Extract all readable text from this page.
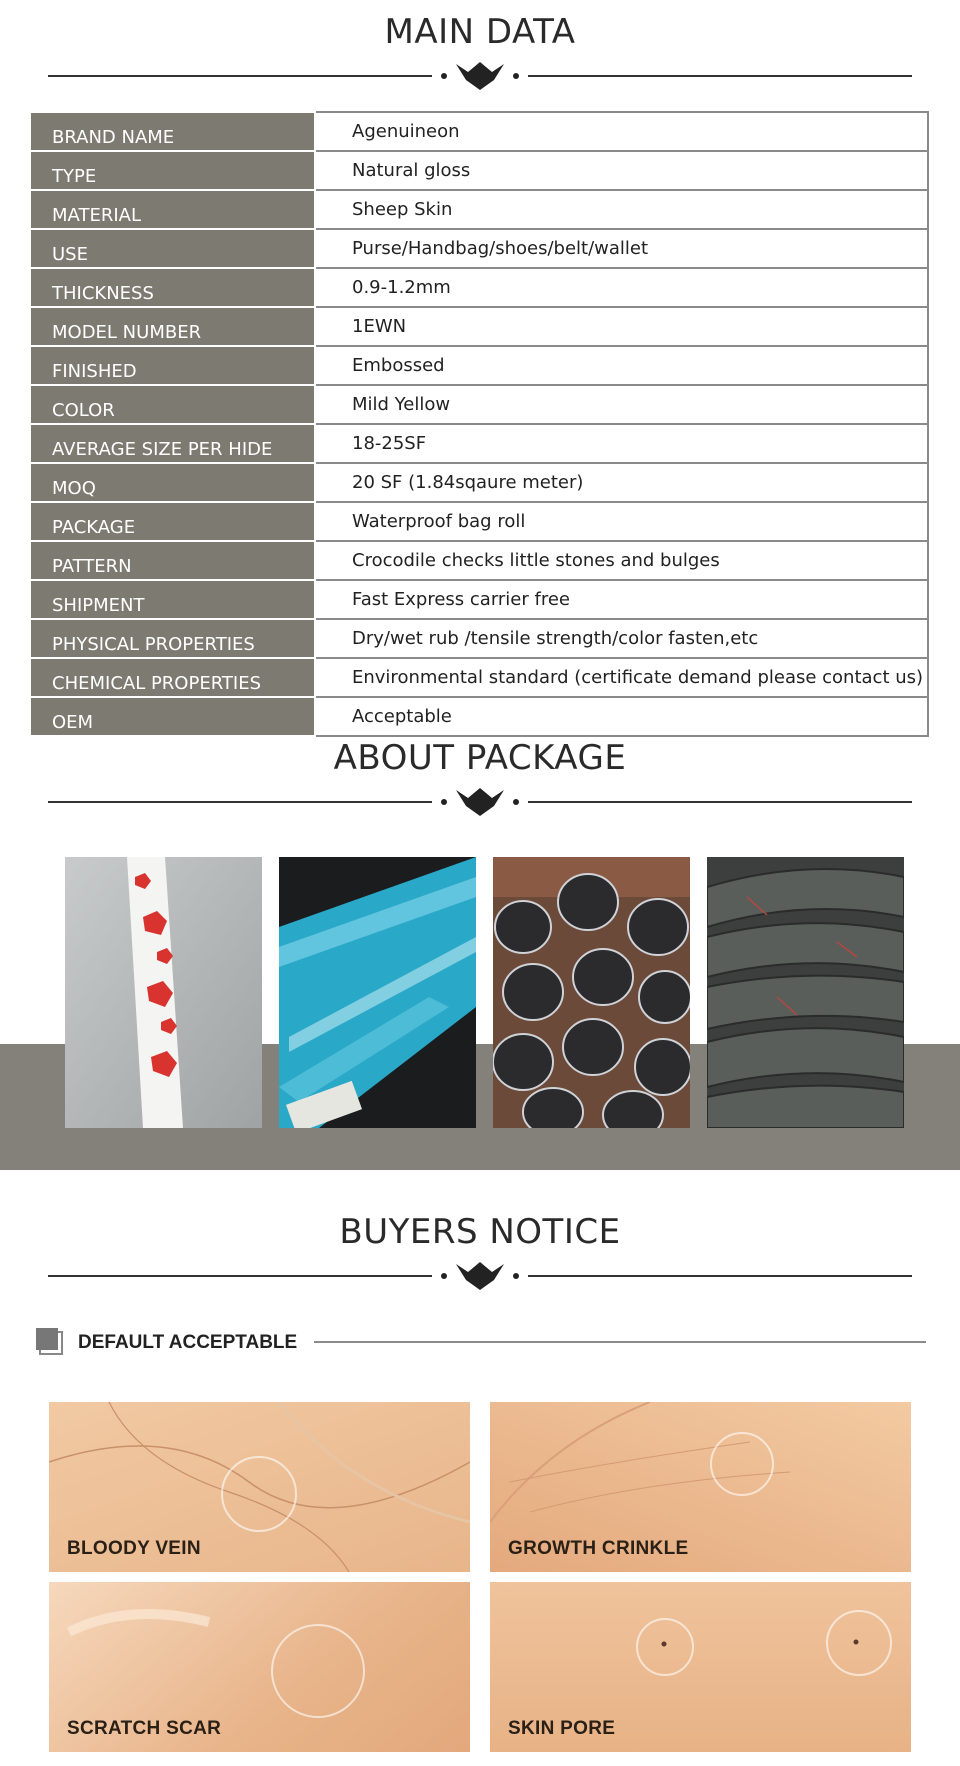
MAIN DATA
BRAND NAME	Agenuineon
TYPE	Natural gloss
MATERIAL	Sheep Skin
USE	Purse/Handbag/shoes/belt/wallet
THICKNESS	0.9-1.2mm
MODEL NUMBER	1EWN
FINISHED	Embossed
COLOR	Mild Yellow
AVERAGE SIZE PER HIDE	18-25SF
MOQ	20 SF (1.84sqaure meter)
PACKAGE	Waterproof bag roll
PATTERN	Crocodile checks little stones and bulges
SHIPMENT	Fast Express carrier free
PHYSICAL PROPERTIES	Dry/wet rub /tensile strength/color fasten,etc
CHEMICAL PROPERTIES	Environmental standard (certificate demand please contact us)
OEM	Acceptable
ABOUT PACKAGE
BUYERS NOTICE
DEFAULT ACCEPTABLE
BLOODY VEIN	GROWTH CRINKLE
SCRATCH SCAR	SKIN PORE
